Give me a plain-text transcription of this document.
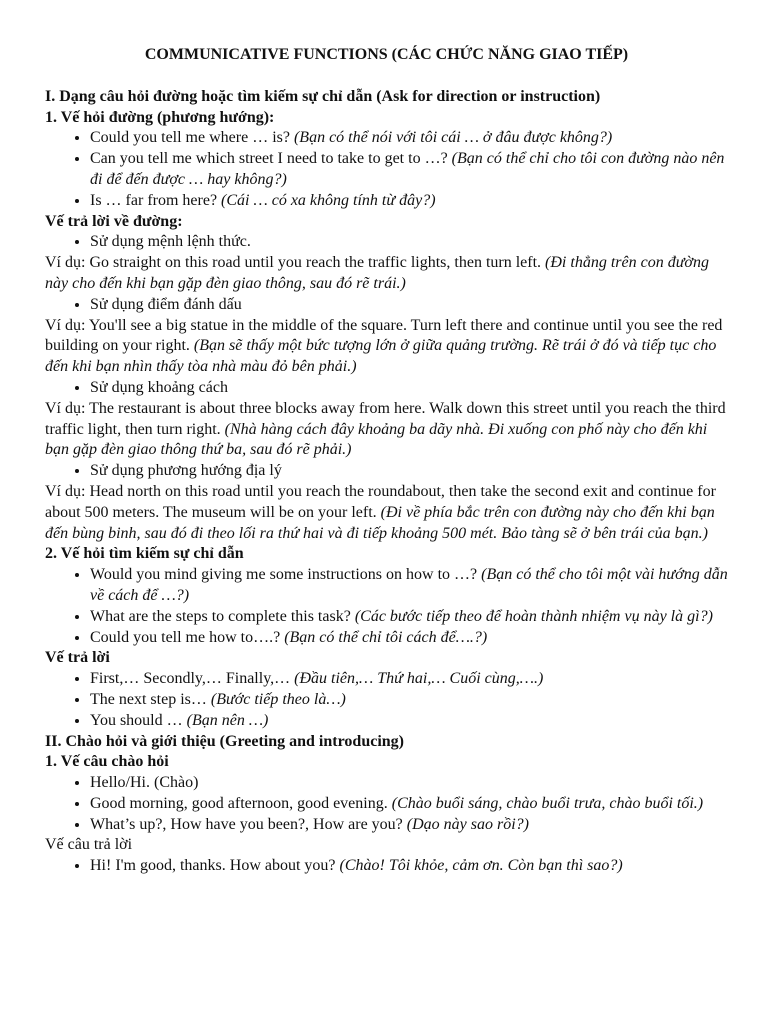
COMMUNICATIVE FUNCTIONS (CÁC CHỨC NĂNG GIAO TIẾP)

I. Dạng câu hỏi đường hoặc tìm kiếm sự chỉ dẫn (Ask for direction or instruction)

1. Vế hỏi đường (phương hướng):

• Could you tell me where … is? (Bạn có thể nói với tôi cái … ở đâu được không?)
• Can you tell me which street I need to take to get to …? (Bạn có thể chỉ cho tôi con đường nào nên đi để đến được … hay không?)
• Is … far from here? (Cái … có xa không tính từ đây?)

Vế trả lời về đường:

• Sử dụng mệnh lệnh thức.

Ví dụ: Go straight on this road until you reach the traffic lights, then turn left. (Đi thẳng trên con đường này cho đến khi bạn gặp đèn giao thông, sau đó rẽ trái.)

• Sử dụng điểm đánh dấu

Ví dụ: You'll see a big statue in the middle of the square. Turn left there and continue until you see the red building on your right. (Bạn sẽ thấy một bức tượng lớn ở giữa quảng trường. Rẽ trái ở đó và tiếp tục cho đến khi bạn nhìn thấy tòa nhà màu đỏ bên phải.)

• Sử dụng khoảng cách

Ví dụ: The restaurant is about three blocks away from here. Walk down this street until you reach the third traffic light, then turn right. (Nhà hàng cách đây khoảng ba dãy nhà. Đi xuống con phố này cho đến khi bạn gặp đèn giao thông thứ ba, sau đó rẽ phải.)

• Sử dụng phương hướng địa lý

Ví dụ: Head north on this road until you reach the roundabout, then take the second exit and continue for about 500 meters. The museum will be on your left. (Đi về phía bắc trên con đường này cho đến khi bạn đến bùng binh, sau đó đi theo lối ra thứ hai và đi tiếp khoảng 500 mét. Bảo tàng sẽ ở bên trái của bạn.)

2. Vế hỏi tìm kiếm sự chỉ dẫn

• Would you mind giving me some instructions on how to …? (Bạn có thể cho tôi một vài hướng dẫn về cách để …?)
• What are the steps to complete this task? (Các bước tiếp theo để hoàn thành nhiệm vụ này là gì?)
• Could you tell me how to….? (Bạn có thể chỉ tôi cách để….?)

Vế trả lời

• First,… Secondly,… Finally,… (Đầu tiên,… Thứ hai,… Cuối cùng,….)
• The next step is… (Bước tiếp theo là…)
• You should … (Bạn nên …)

II. Chào hỏi và giới thiệu (Greeting and introducing)

1. Vế câu chào hỏi

• Hello/Hi. (Chào)
• Good morning, good afternoon, good evening. (Chào buổi sáng, chào buổi trưa, chào buổi tối.)
• What’s up?, How have you been?, How are you? (Dạo này sao rồi?)

Vế câu trả lời

• Hi! I'm good, thanks. How about you? (Chào! Tôi khỏe, cảm ơn. Còn bạn thì sao?)
